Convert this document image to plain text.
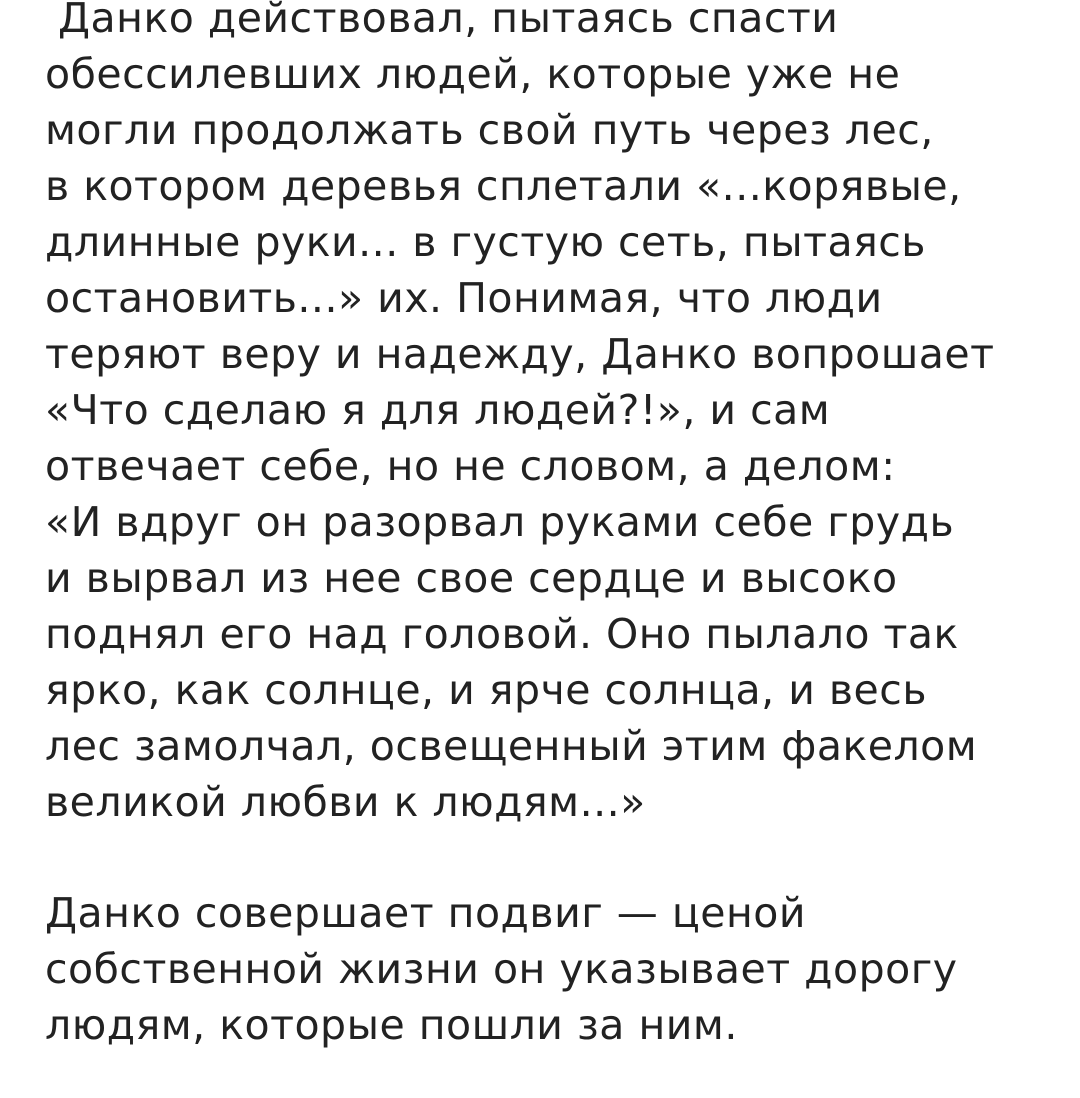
Данко действовал, пытаясь спасти
обессилевших людей, которые уже не
могли продолжать свой путь через лес,
в котором деревья сплетали «...корявые,
длинные руки... в густую сеть, пытаясь
остановить...» их. Понимая, что люди
теряют веру и надежду, Данко вопрошает
«Что сделаю я для людей?!», и сам
отвечает себе, но не словом, а делом:
«И вдруг он разорвал руками себе грудь
и вырвал из нее свое сердце и высоко
поднял его над головой. Оно пылало так
ярко, как солнце, и ярче солнца, и весь
лес замолчал, освещенный этим факелом
великой любви к людям...»
Данко совершает подвиг — ценой
собственной жизни он указывает дорогу
людям, которые пошли за ним.
